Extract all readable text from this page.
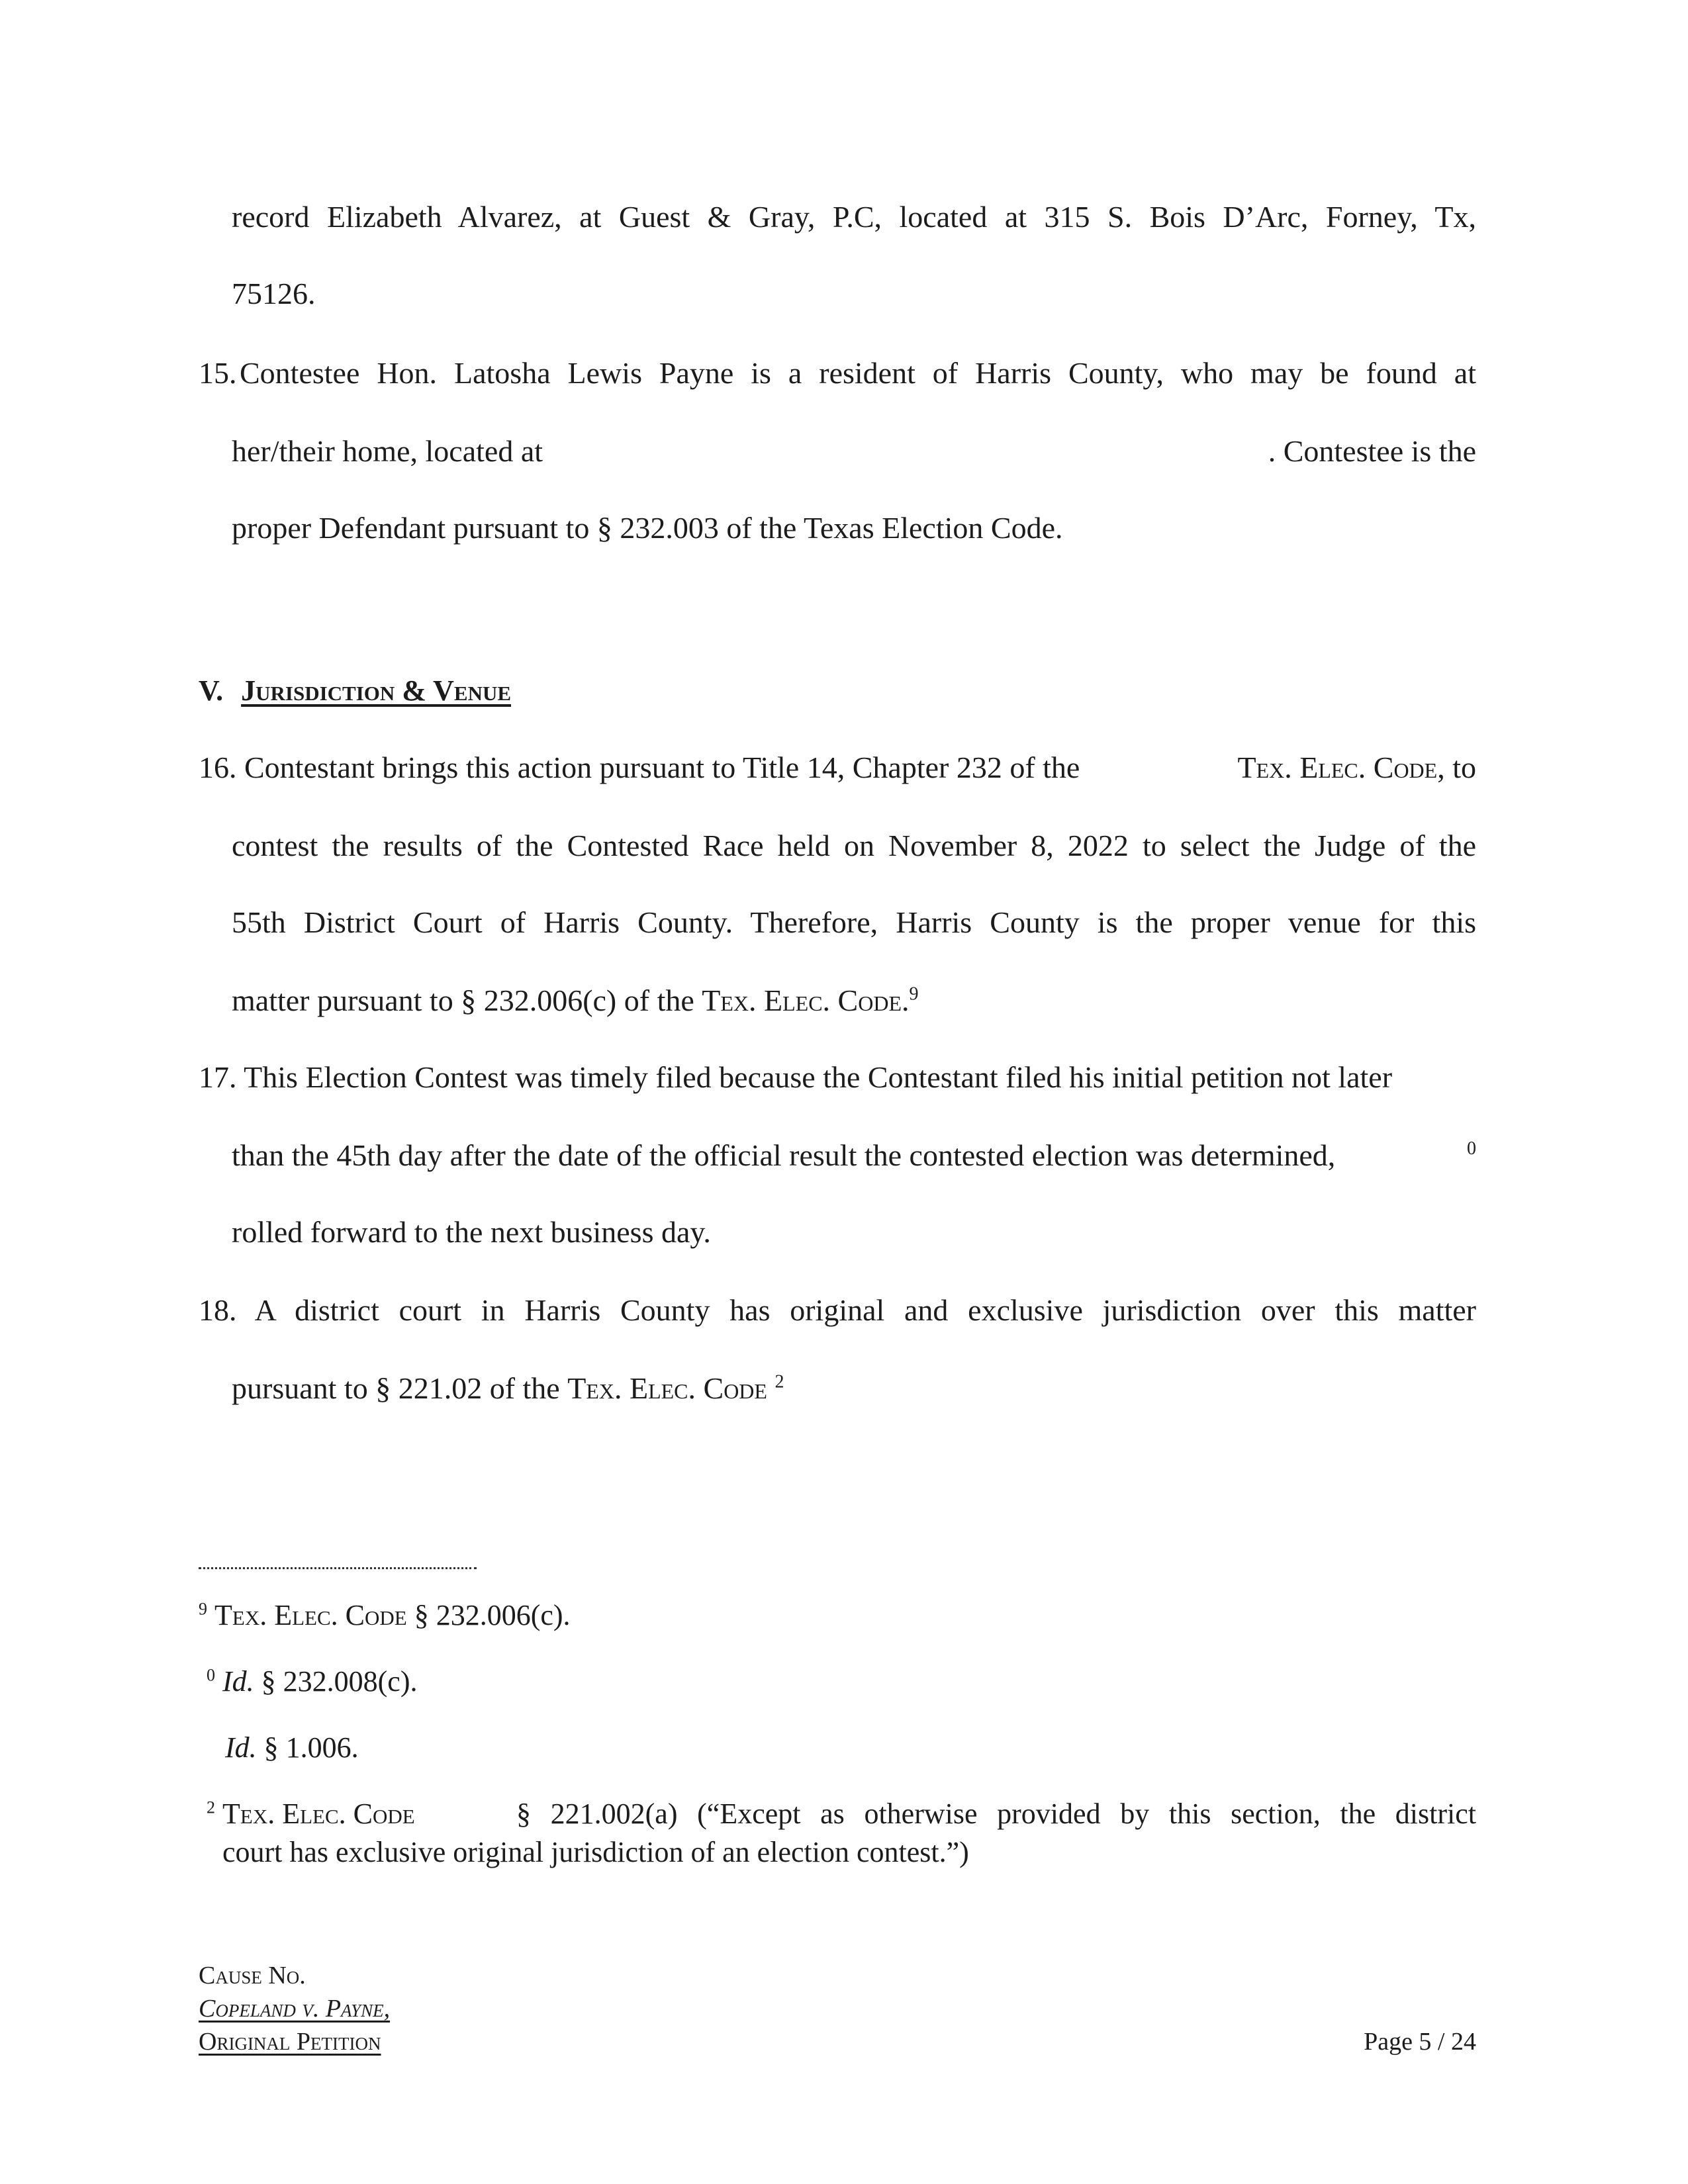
record Elizabeth Alvarez, at Guest & Gray, P.C, located at 315 S. Bois D’Arc, Forney, Tx,
75126.
15. Contestee Hon. Latosha Lewis Payne is a resident of Harris County, who may be found at
her/their home, located at	. Contestee is the
proper Defendant pursuant to § 232.003 of the Texas Election Code.
V. Jurisdiction & Venue
16. Contestant brings this action pursuant to Title 14, Chapter 232 of the	Tex. Elec. Code, to
contest the results of the Contested Race held on November 8, 2022 to select the Judge of the
55th District Court of Harris County. Therefore, Harris County is the proper venue for this
matter pursuant to § 232.006(c) of the Tex. Elec. Code.$^9$
17. This Election Contest was timely filed because the Contestant filed his initial petition not later
than the 45th day after the date of the official result the contested election was determined,	0
rolled forward to the next business day.
18. A district court in Harris County has original and exclusive jurisdiction over this matter
pursuant to § 221.02 of the Tex. Elec. Code $^2$
$^9$ Tex. Elec. Code § 232.006(c).
$^0$ Id. § 232.008(c).
Id. § 1.006.
$^2$ Tex. Elec. Code	§ 221.002(a) (“Except as otherwise provided by this section, the district
court has exclusive original jurisdiction of an election contest.”)
Cause No.
Copeland v. Payne,
Original Petition	Page 5 / 24
